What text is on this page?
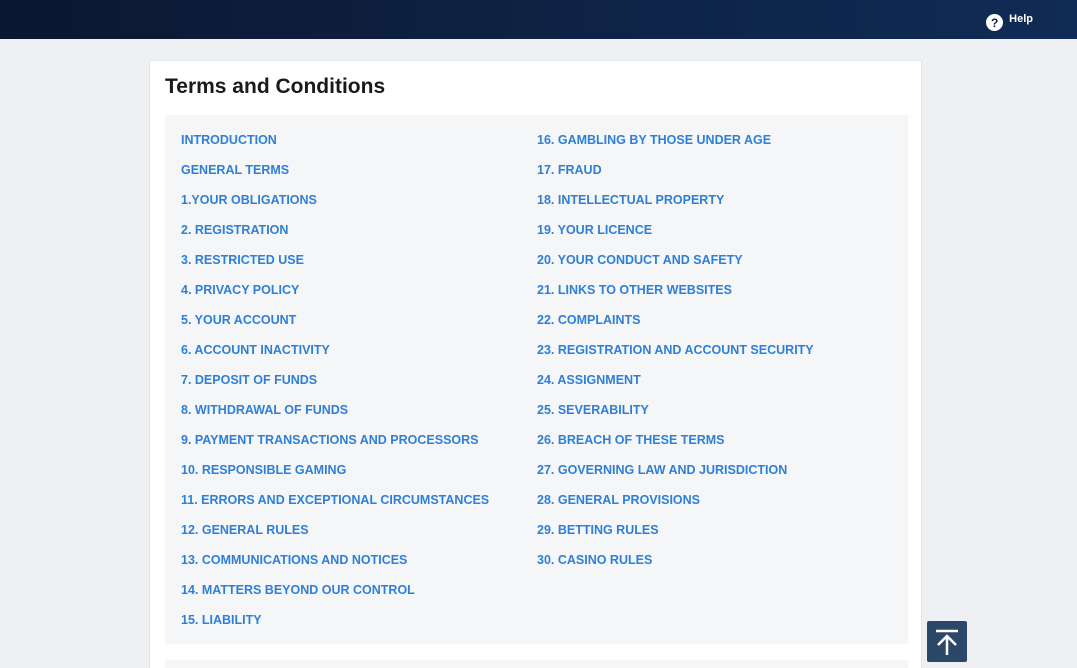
? Help
Terms and Conditions
INTRODUCTION
GENERAL TERMS
1.YOUR OBLIGATIONS
2. REGISTRATION
3. RESTRICTED USE
4. PRIVACY POLICY
5. YOUR ACCOUNT
6. ACCOUNT INACTIVITY
7. DEPOSIT OF FUNDS
8. WITHDRAWAL OF FUNDS
9. PAYMENT TRANSACTIONS AND PROCESSORS
10. RESPONSIBLE GAMING
11. ERRORS AND EXCEPTIONAL CIRCUMSTANCES
12. GENERAL RULES
13. COMMUNICATIONS AND NOTICES
14. MATTERS BEYOND OUR CONTROL
15. LIABILITY
16. GAMBLING BY THOSE UNDER AGE
17. FRAUD
18. INTELLECTUAL PROPERTY
19. YOUR LICENCE
20. YOUR CONDUCT AND SAFETY
21. LINKS TO OTHER WEBSITES
22. COMPLAINTS
23. REGISTRATION AND ACCOUNT SECURITY
24. ASSIGNMENT
25. SEVERABILITY
26. BREACH OF THESE TERMS
27. GOVERNING LAW AND JURISDICTION
28. GENERAL PROVISIONS
29. BETTING RULES
30. CASINO RULES
